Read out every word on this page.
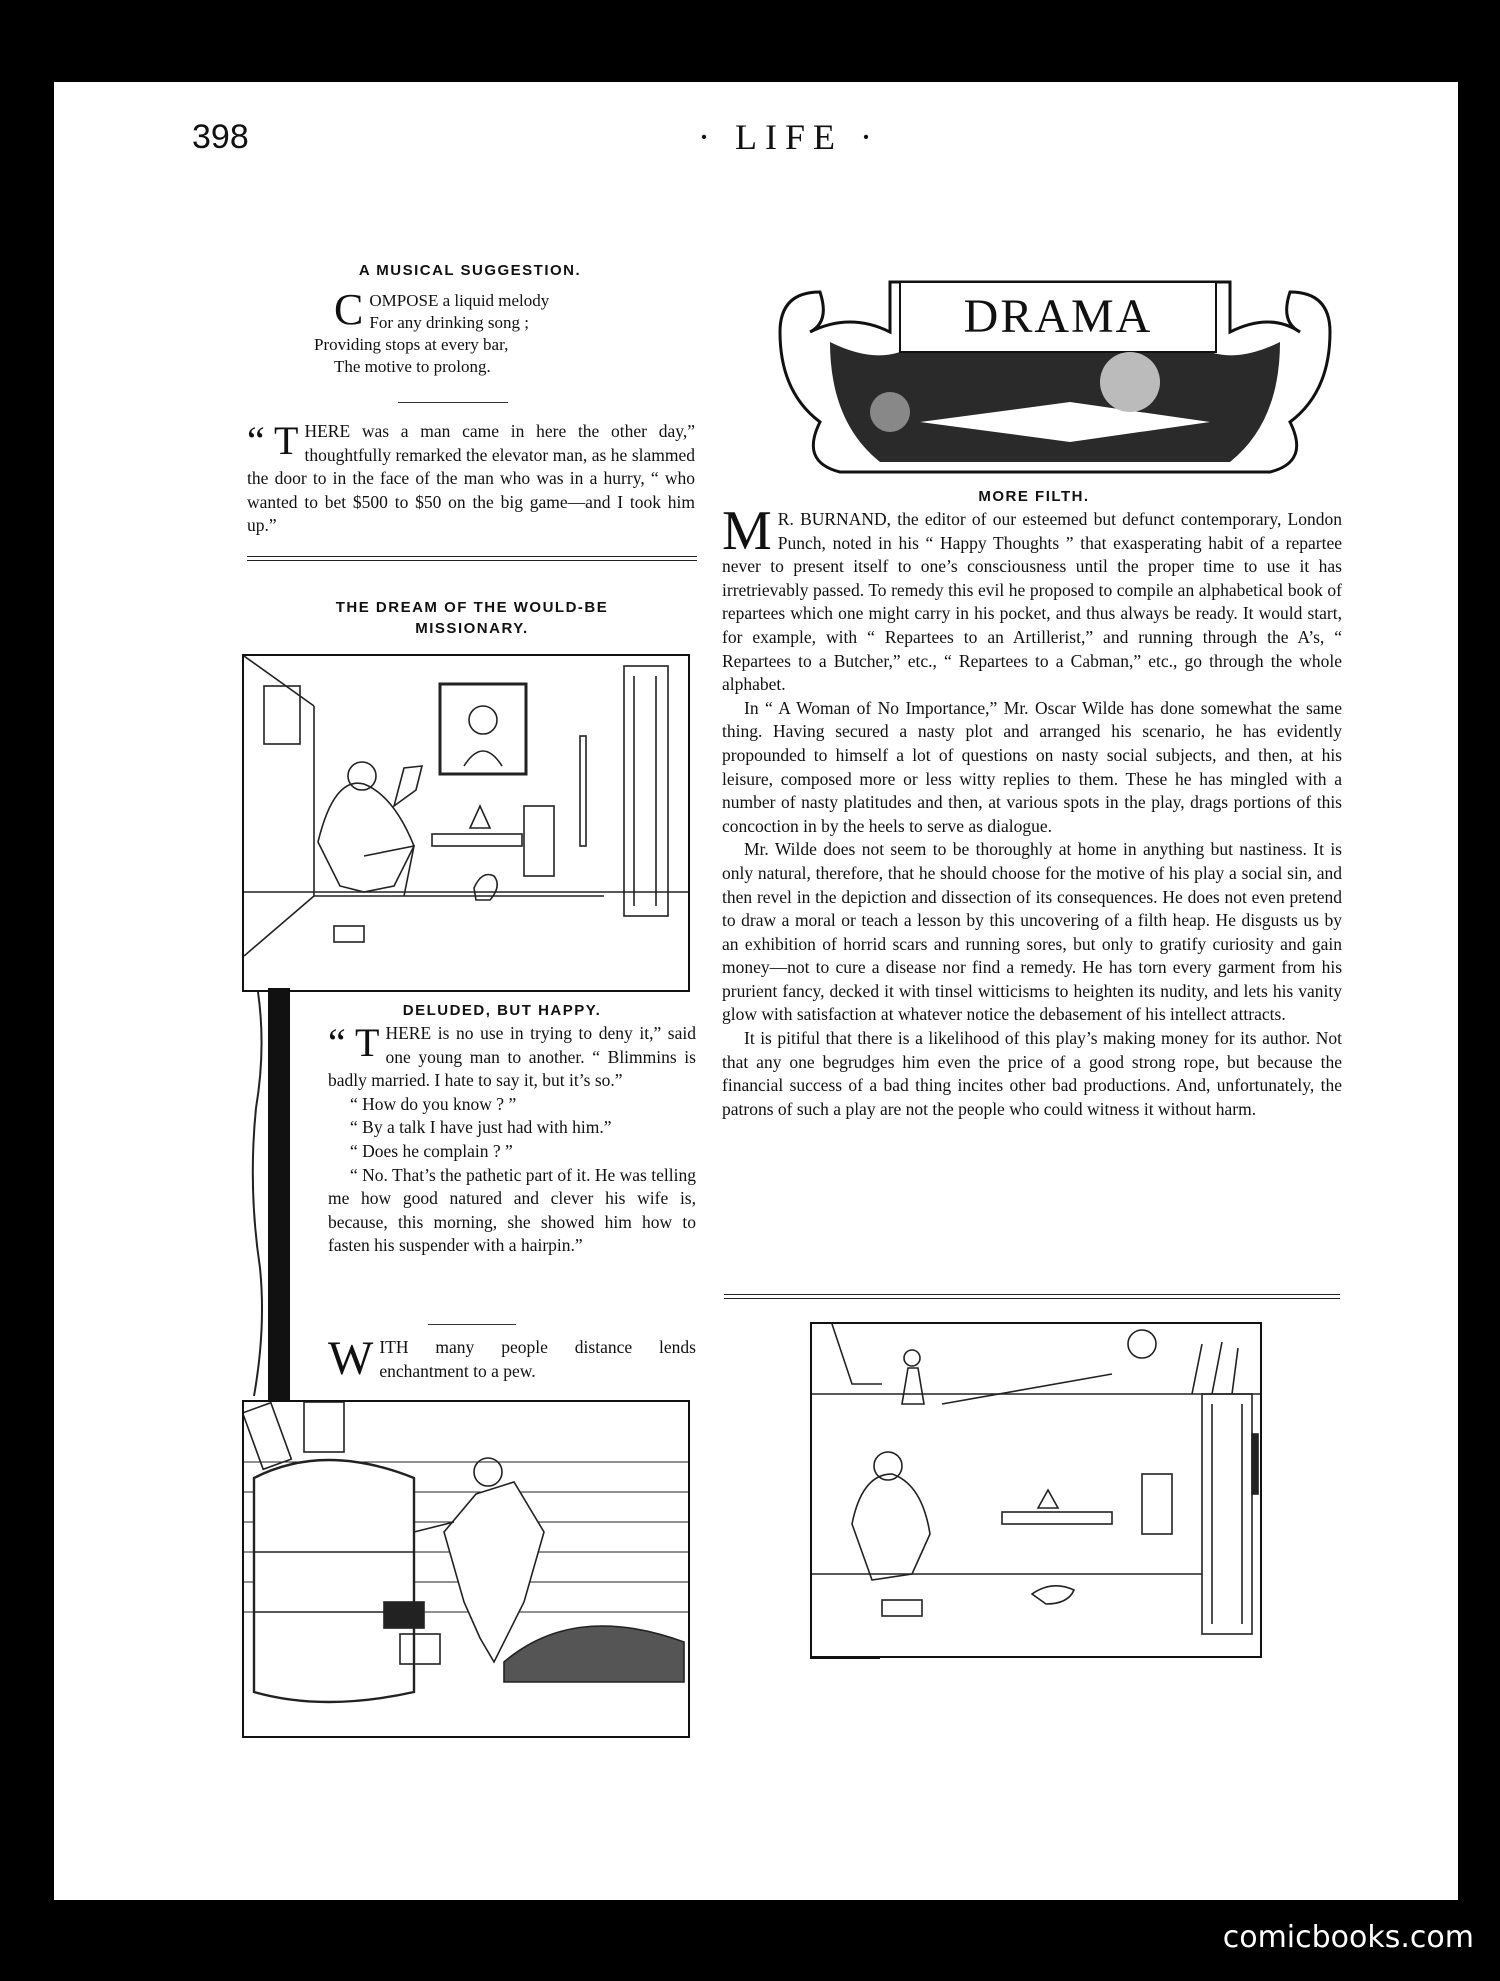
398	· LIFE ·
A MUSICAL SUGGESTION.
C OMPOSE a liquid melody
For any drinking song ;
Providing stops at every bar,
The motive to prolong.
“ T HERE was a man came in here the other day,” thoughtfully remarked the elevator man, as he slammed the door to in the face of the man who was in a hurry, “ who wanted to bet $500 to $50 on the big game—and I took him up.”
THE DREAM OF THE WOULD-BE
MISSIONARY.
DELUDED, BUT HAPPY.

“ T HERE is no use in trying to deny it,” said one young man to another. “ Blimmins is badly married. I hate to say it, but it’s so.”

“ How do you know ? ”

“ By a talk I have just had with him.”

“ Does he complain ? ”

“ No. That’s the pathetic part of it. He was telling me how good natured and clever his wife is, because, this morning, she showed him how to fasten his suspender with a hairpin.”

W ITH many people distance lends enchantment to a pew.
DRAMA
MORE FILTH.

M R. BURNAND, the editor of our esteemed but defunct contemporary, London Punch, noted in his “ Happy Thoughts ” that exasperating habit of a repartee never to present itself to one’s consciousness until the proper time to use it has irretrievably passed. To remedy this evil he proposed to compile an alphabetical book of repartees which one might carry in his pocket, and thus always be ready. It would start, for example, with “ Repartees to an Artillerist,” and running through the A’s, “ Repartees to a Butcher,” etc., “ Repartees to a Cabman,” etc., go through the whole alphabet.

In “ A Woman of No Importance,” Mr. Oscar Wilde has done somewhat the same thing. Having secured a nasty plot and arranged his scenario, he has evidently propounded to himself a lot of questions on nasty social subjects, and then, at his leisure, composed more or less witty replies to them. These he has mingled with a number of nasty platitudes and then, at various spots in the play, drags portions of this concoction in by the heels to serve as dialogue.

Mr. Wilde does not seem to be thoroughly at home in anything but nastiness. It is only natural, therefore, that he should choose for the motive of his play a social sin, and then revel in the depiction and dissection of its consequences. He does not even pretend to draw a moral or teach a lesson by this uncovering of a filth heap. He disgusts us by an exhibition of horrid scars and running sores, but only to gratify curiosity and gain money—not to cure a disease nor find a remedy. He has torn every garment from his prurient fancy, decked it with tinsel witticisms to heighten its nudity, and lets his vanity glow with satisfaction at whatever notice the debasement of his intellect attracts.

It is pitiful that there is a likelihood of this play’s making money for its author. Not that any one begrudges him even the price of a good strong rope, but because the financial success of a bad thing incites other bad productions. And, unfortunately, the patrons of such a play are not the people who could witness it without harm.

comicbooks.com
